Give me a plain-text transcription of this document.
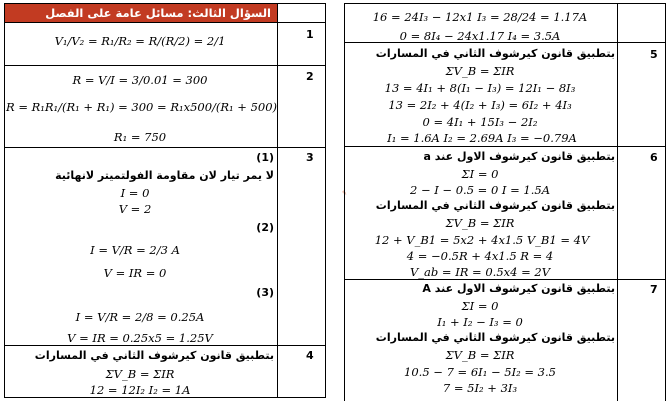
السؤال الثالث: مسائل عامة على الفصل
1
V₁/V₂ = R₁/R₂ = R/(R/2) = 2/1
2
R = V/I = 3/0.01 = 300
R = R₁R₁/(R₁ + R₁) = 300 = R₁x500/(R₁ + 500)
R₁ = 750
3
(1)
لا يمر تيار لان مقاومة الفولتميتر لانهائية
I = 0
V = 2
(2)
I = V/R = 2/3 A
V = IR = 0
(3)
I = V/R = 2/8 = 0.25A
V = IR = 0.25x5 = 1.25V
4
بتطبيق قانون كيرشوف الثاني في المسارات
ΣV_B = ΣIR
12 = 12I₂ I₂ = 1A
✎
16 = 24I₃ − 12x1 I₃ = 28/24 = 1.17A
0 = 8I₄ − 24x1.17 I₄ = 3.5A
5
بتطبيق قانون كيرشوف الثاني في المسارات
ΣV_B = ΣIR
13 = 4I₁ + 8(I₁ − I₃) = 12I₁ − 8I₃
13 = 2I₂ + 4(I₂ + I₃) = 6I₂ + 4I₃
0 = 4I₁ + 15I₃ − 2I₂
I₁ = 1.6A I₂ = 2.69A I₃ = −0.79A
6
بتطبيق قانون كيرشوف الاول عند a
ΣI = 0
2 − I − 0.5 = 0 I = 1.5A
بتطبيق قانون كيرشوف الثاني في المسارات
ΣV_B = ΣIR
12 + V_B1 = 5x2 + 4x1.5 V_B1 = 4V
4 = −0.5R + 4x1.5 R = 4
V_ab = IR = 0.5x4 = 2V
7
بتطبيق قانون كيرشوف الاول عند A
ΣI = 0
I₁ + I₂ − I₃ = 0
بتطبيق قانون كيرشوف الثاني في المسارات
ΣV_B = ΣIR
10.5 − 7 = 6I₁ − 5I₂ = 3.5
7 = 5I₂ + 3I₃
